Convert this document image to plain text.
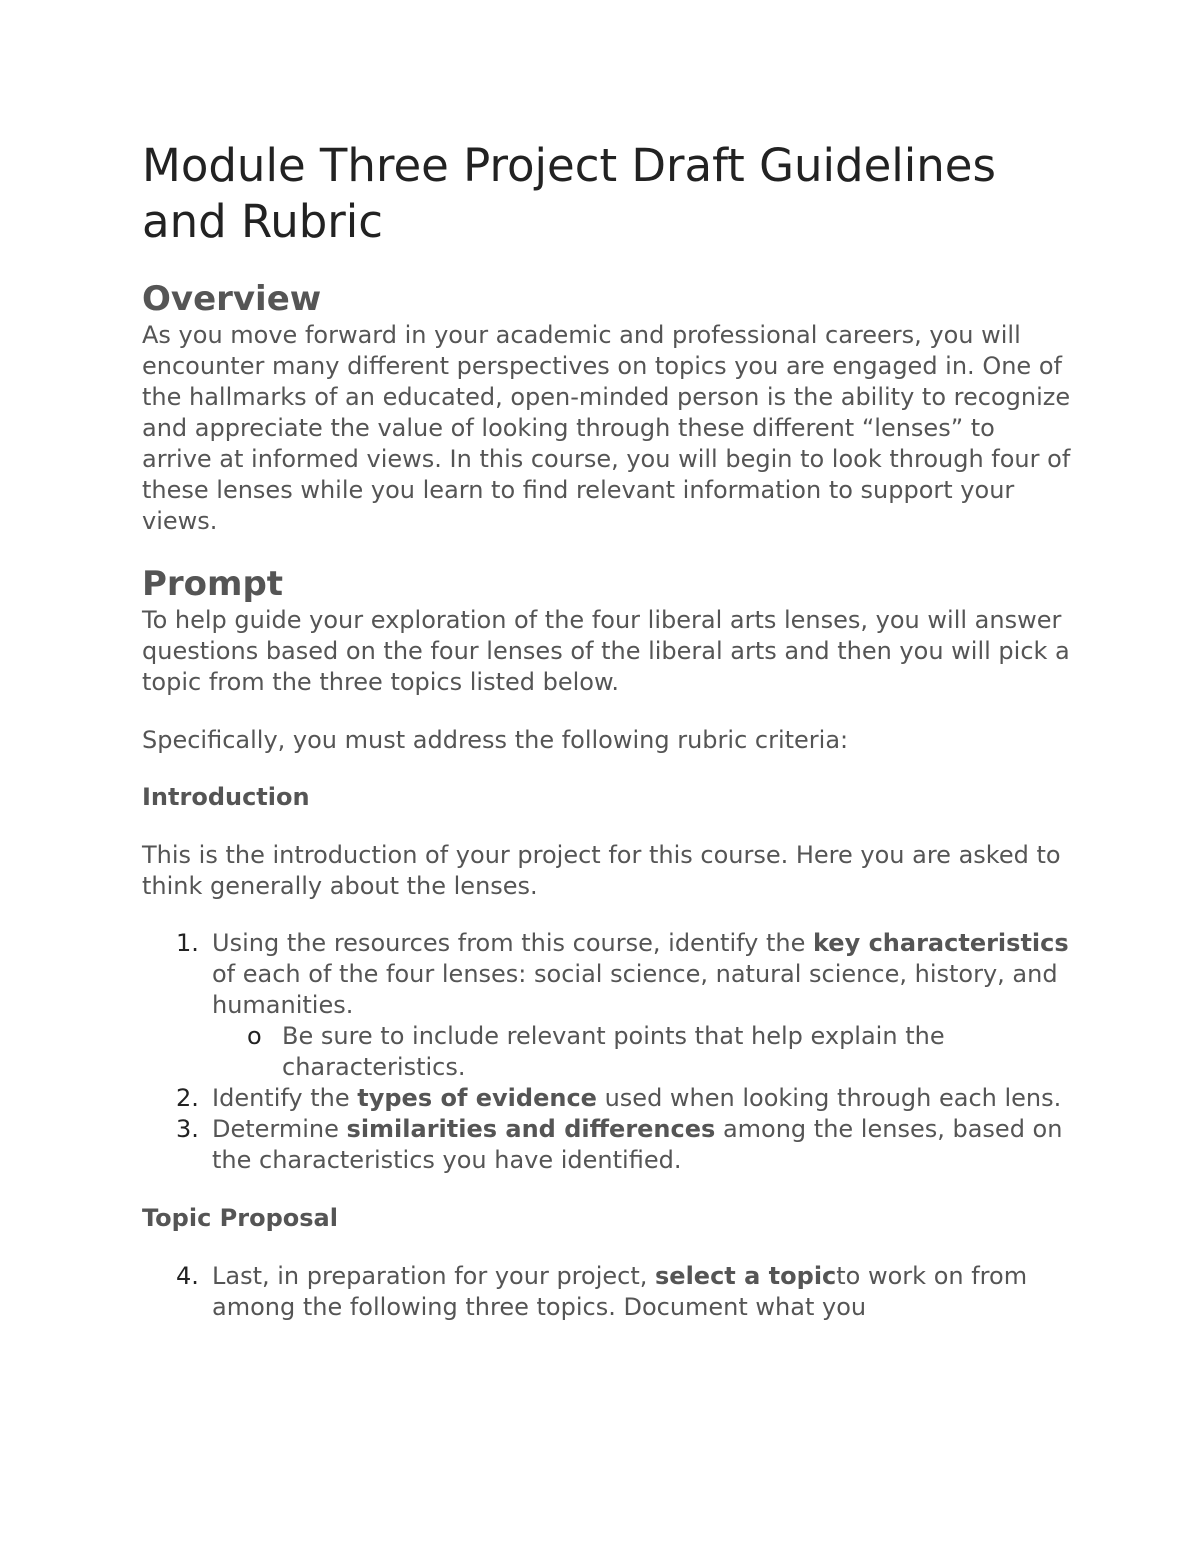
Module Three Project Draft Guidelines and Rubric
Overview

As you move forward in your academic and professional careers, you will encounter many different perspectives on topics you are engaged in. One of the hallmarks of an educated, open-minded person is the ability to recognize and appreciate the value of looking through these different “lenses” to arrive at informed views. In this course, you will begin to look through four of these lenses while you learn to find relevant information to support your views.

Prompt

To help guide your exploration of the four liberal arts lenses, you will answer questions based on the four lenses of the liberal arts and then you will pick a topic from the three topics listed below.

Specifically, you must address the following rubric criteria:

Introduction

This is the introduction of your project for this course. Here you are asked to think generally about the lenses.

1. Using the resources from this course, identify the key characteristics of each of the four lenses: social science, natural science, history, and humanities.
o Be sure to include relevant points that help explain the characteristics.
2. Identify the types of evidence used when looking through each lens.
3. Determine similarities and differences among the lenses, based on the characteristics you have identified.
Topic Proposal
4. Last, in preparation for your project, select a topicto work on from among the following three topics. Document what you
